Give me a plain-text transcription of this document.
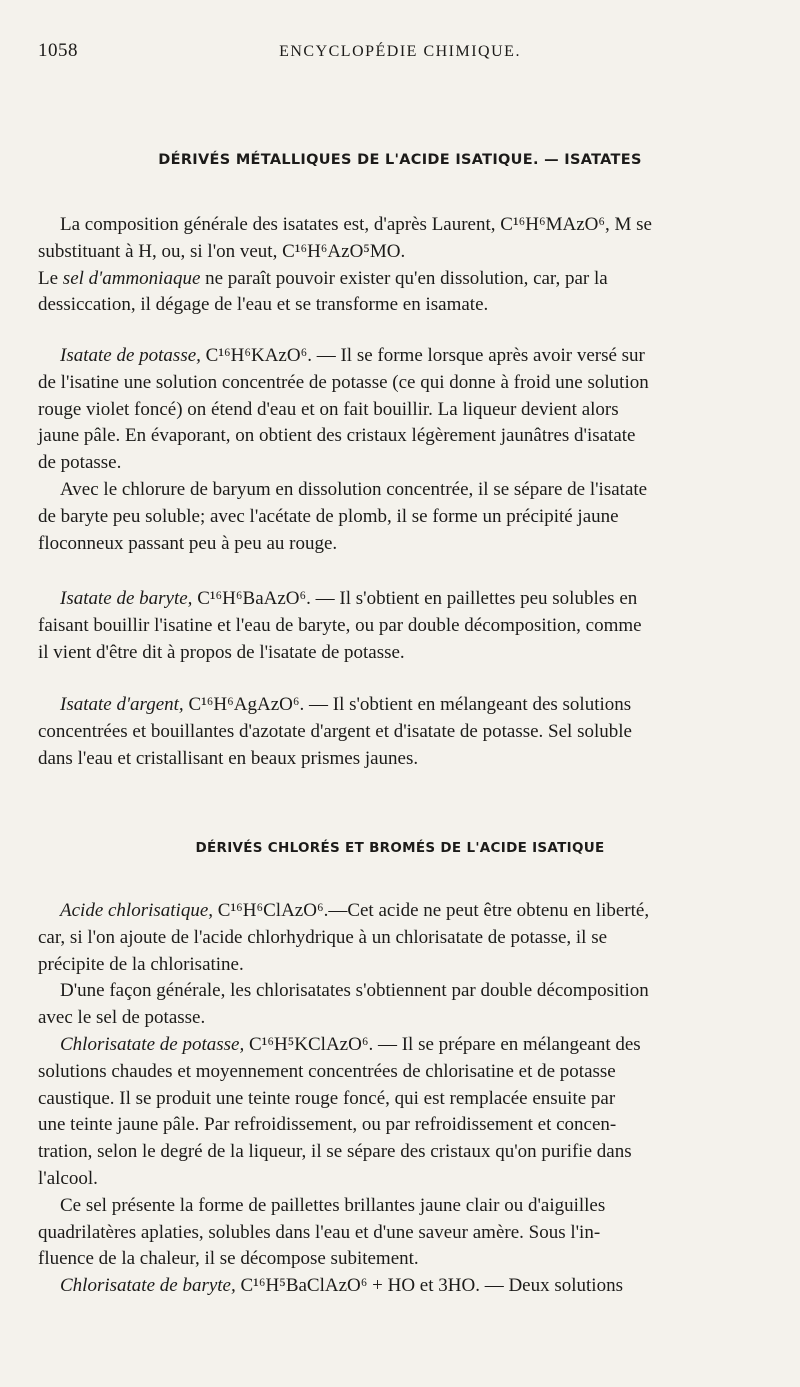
1058	ENCYCLOPÉDIE CHIMIQUE.
DÉRIVÉS MÉTALLIQUES DE L'ACIDE ISATIQUE. — ISATATES

La composition générale des isatates est, d'après Laurent, C¹⁶H⁶MAzO⁶, M se

substituant à H, ou, si l'on veut, C¹⁶H⁶AzO⁵MO.

Le sel d'ammoniaque ne paraît pouvoir exister qu'en dissolution, car, par la

dessiccation, il dégage de l'eau et se transforme en isamate.

Isatate de potasse, C¹⁶H⁶KAzO⁶. — Il se forme lorsque après avoir versé sur

de l'isatine une solution concentrée de potasse (ce qui donne à froid une solution

rouge violet foncé) on étend d'eau et on fait bouillir. La liqueur devient alors

jaune pâle. En évaporant, on obtient des cristaux légèrement jaunâtres d'isatate

de potasse.

Avec le chlorure de baryum en dissolution concentrée, il se sépare de l'isatate

de baryte peu soluble; avec l'acétate de plomb, il se forme un précipité jaune

floconneux passant peu à peu au rouge.

Isatate de baryte, C¹⁶H⁶BaAzO⁶. — Il s'obtient en paillettes peu solubles en

faisant bouillir l'isatine et l'eau de baryte, ou par double décomposition, comme

il vient d'être dit à propos de l'isatate de potasse.

Isatate d'argent, C¹⁶H⁶AgAzO⁶. — Il s'obtient en mélangeant des solutions

concentrées et bouillantes d'azotate d'argent et d'isatate de potasse. Sel soluble

dans l'eau et cristallisant en beaux prismes jaunes.

DÉRIVÉS CHLORÉS ET BROMÉS DE L'ACIDE ISATIQUE

Acide chlorisatique, C¹⁶H⁶ClAzO⁶.—Cet acide ne peut être obtenu en liberté,

car, si l'on ajoute de l'acide chlorhydrique à un chlorisatate de potasse, il se

précipite de la chlorisatine.

D'une façon générale, les chlorisatates s'obtiennent par double décomposition

avec le sel de potasse.

Chlorisatate de potasse, C¹⁶H⁵KClAzO⁶. — Il se prépare en mélangeant des

solutions chaudes et moyennement concentrées de chlorisatine et de potasse

caustique. Il se produit une teinte rouge foncé, qui est remplacée ensuite par

une teinte jaune pâle. Par refroidissement, ou par refroidissement et concen-

tration, selon le degré de la liqueur, il se sépare des cristaux qu'on purifie dans

l'alcool.

Ce sel présente la forme de paillettes brillantes jaune clair ou d'aiguilles

quadrilatères aplaties, solubles dans l'eau et d'une saveur amère. Sous l'in-

fluence de la chaleur, il se décompose subitement.

Chlorisatate de baryte, C¹⁶H⁵BaClAzO⁶ + HO et 3HO. — Deux solutions
